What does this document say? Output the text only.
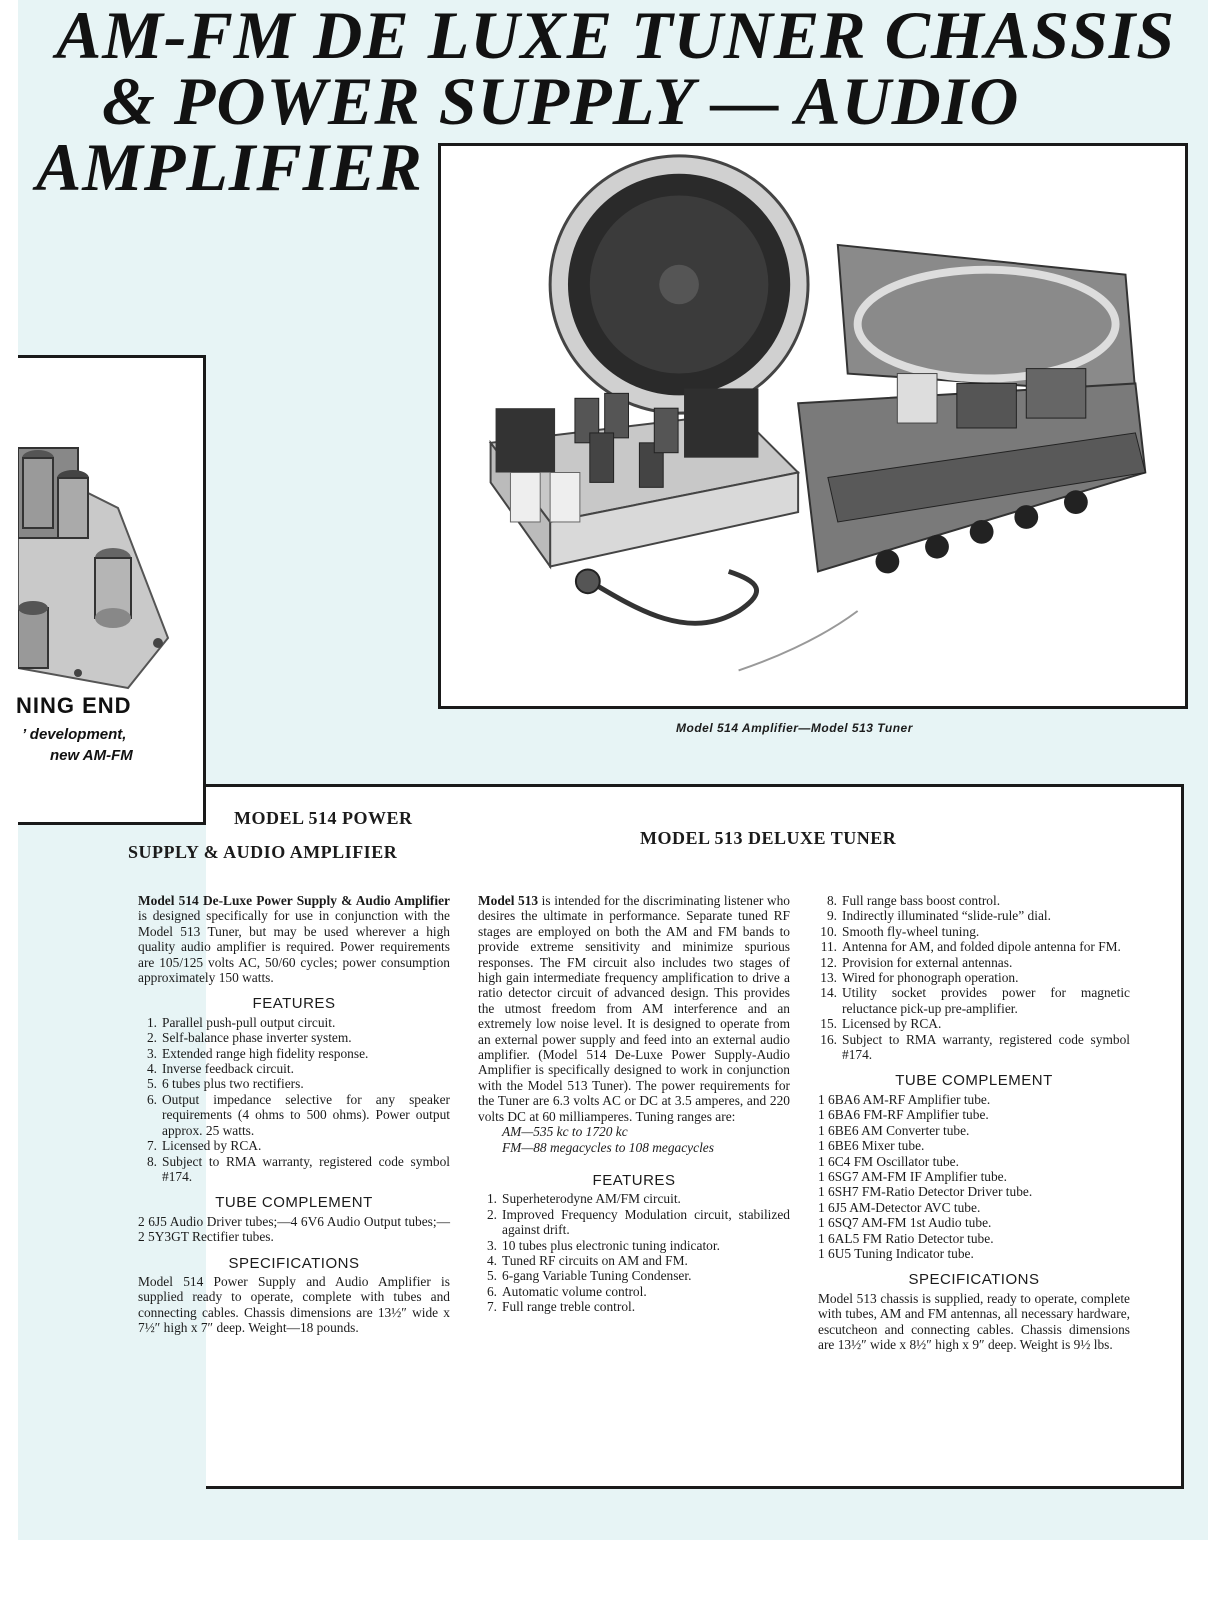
AM-FM DE LUXE TUNER CHASSIS
& POWER SUPPLY — AUDIO
AMPLIFIER
NING END
’ development,
new AM-FM
Model 514 Amplifier—Model 513 Tuner
MODEL 514 POWER
SUPPLY & AUDIO AMPLIFIER
MODEL 513 DELUXE TUNER

Model 514 De-Luxe Power Supply & Audio Amplifier is designed specifically for use in conjunction with the Model 513 Tuner, but may be used wherever a high quality audio amplifier is required. Power requirements are 105/125 volts AC, 50/60 cycles; power consumption approximately 150 watts.

FEATURES
1. Parallel push-pull output circuit.
2. Self-balance phase inverter system.
3. Extended range high fidelity response.
4. Inverse feedback circuit.
5. 6 tubes plus two rectifiers.
6. Output impedance selective for any speaker requirements (4 ohms to 500 ohms). Power output approx. 25 watts.
7. Licensed by RCA.
8. Subject to RMA warranty, registered code symbol #174.
TUBE COMPLEMENT

2 6J5 Audio Driver tubes;—4 6V6 Audio Output tubes;—2 5Y3GT Rectifier tubes.

SPECIFICATIONS

Model 514 Power Supply and Audio Amplifier is supplied ready to operate, complete with tubes and connecting cables. Chassis dimensions are 13½″ wide x 7½″ high x 7″ deep. Weight—18 pounds.

Model 513 is intended for the discriminating listener who desires the ultimate in performance. Separate tuned RF stages are employed on both the AM and FM bands to provide extreme sensitivity and minimize spurious responses. The FM circuit also includes two stages of high gain intermediate frequency amplification to drive a ratio detector circuit of advanced design. This provides the utmost freedom from AM interference and an extremely low noise level. It is designed to operate from an external power supply and feed into an external audio amplifier. (Model 514 De-Luxe Power Supply-Audio Amplifier is specifically designed to work in conjunction with the Model 513 Tuner). The power requirements for the Tuner are 6.3 volts AC or DC at 3.5 amperes, and 220 volts DC at 60 milliamperes. Tuning ranges are:

AM—535 kc to 1720 kc

FM—88 megacycles to 108 megacycles

FEATURES
1. Superheterodyne AM/FM circuit.
2. Improved Frequency Modulation circuit, stabilized against drift.
3. 10 tubes plus electronic tuning indicator.
4. Tuned RF circuits on AM and FM.
5. 6-gang Variable Tuning Condenser.
6. Automatic volume control.
7. Full range treble control.
8. Full range bass boost control.
9. Indirectly illuminated “slide-rule” dial.
10. Smooth fly-wheel tuning.
11. Antenna for AM, and folded dipole antenna for FM.
12. Provision for external antennas.
13. Wired for phonograph operation.
14. Utility socket provides power for magnetic reluctance pick-up pre-amplifier.
15. Licensed by RCA.
16. Subject to RMA warranty, registered code symbol #174.
TUBE COMPLEMENT
1 6BA6 AM-RF Amplifier tube.
1 6BA6 FM-RF Amplifier tube.
1 6BE6 AM Converter tube.
1 6BE6 Mixer tube.
1 6C4 FM Oscillator tube.
1 6SG7 AM-FM IF Amplifier tube.
1 6SH7 FM-Ratio Detector Driver tube.
1 6J5 AM-Detector AVC tube.
1 6SQ7 AM-FM 1st Audio tube.
1 6AL5 FM Ratio Detector tube.
1 6U5 Tuning Indicator tube.
SPECIFICATIONS

Model 513 chassis is supplied, ready to operate, complete with tubes, AM and FM antennas, all necessary hardware, escutcheon and connecting cables. Chassis dimensions are 13½″ wide x 8½″ high x 9″ deep. Weight is 9½ lbs.
